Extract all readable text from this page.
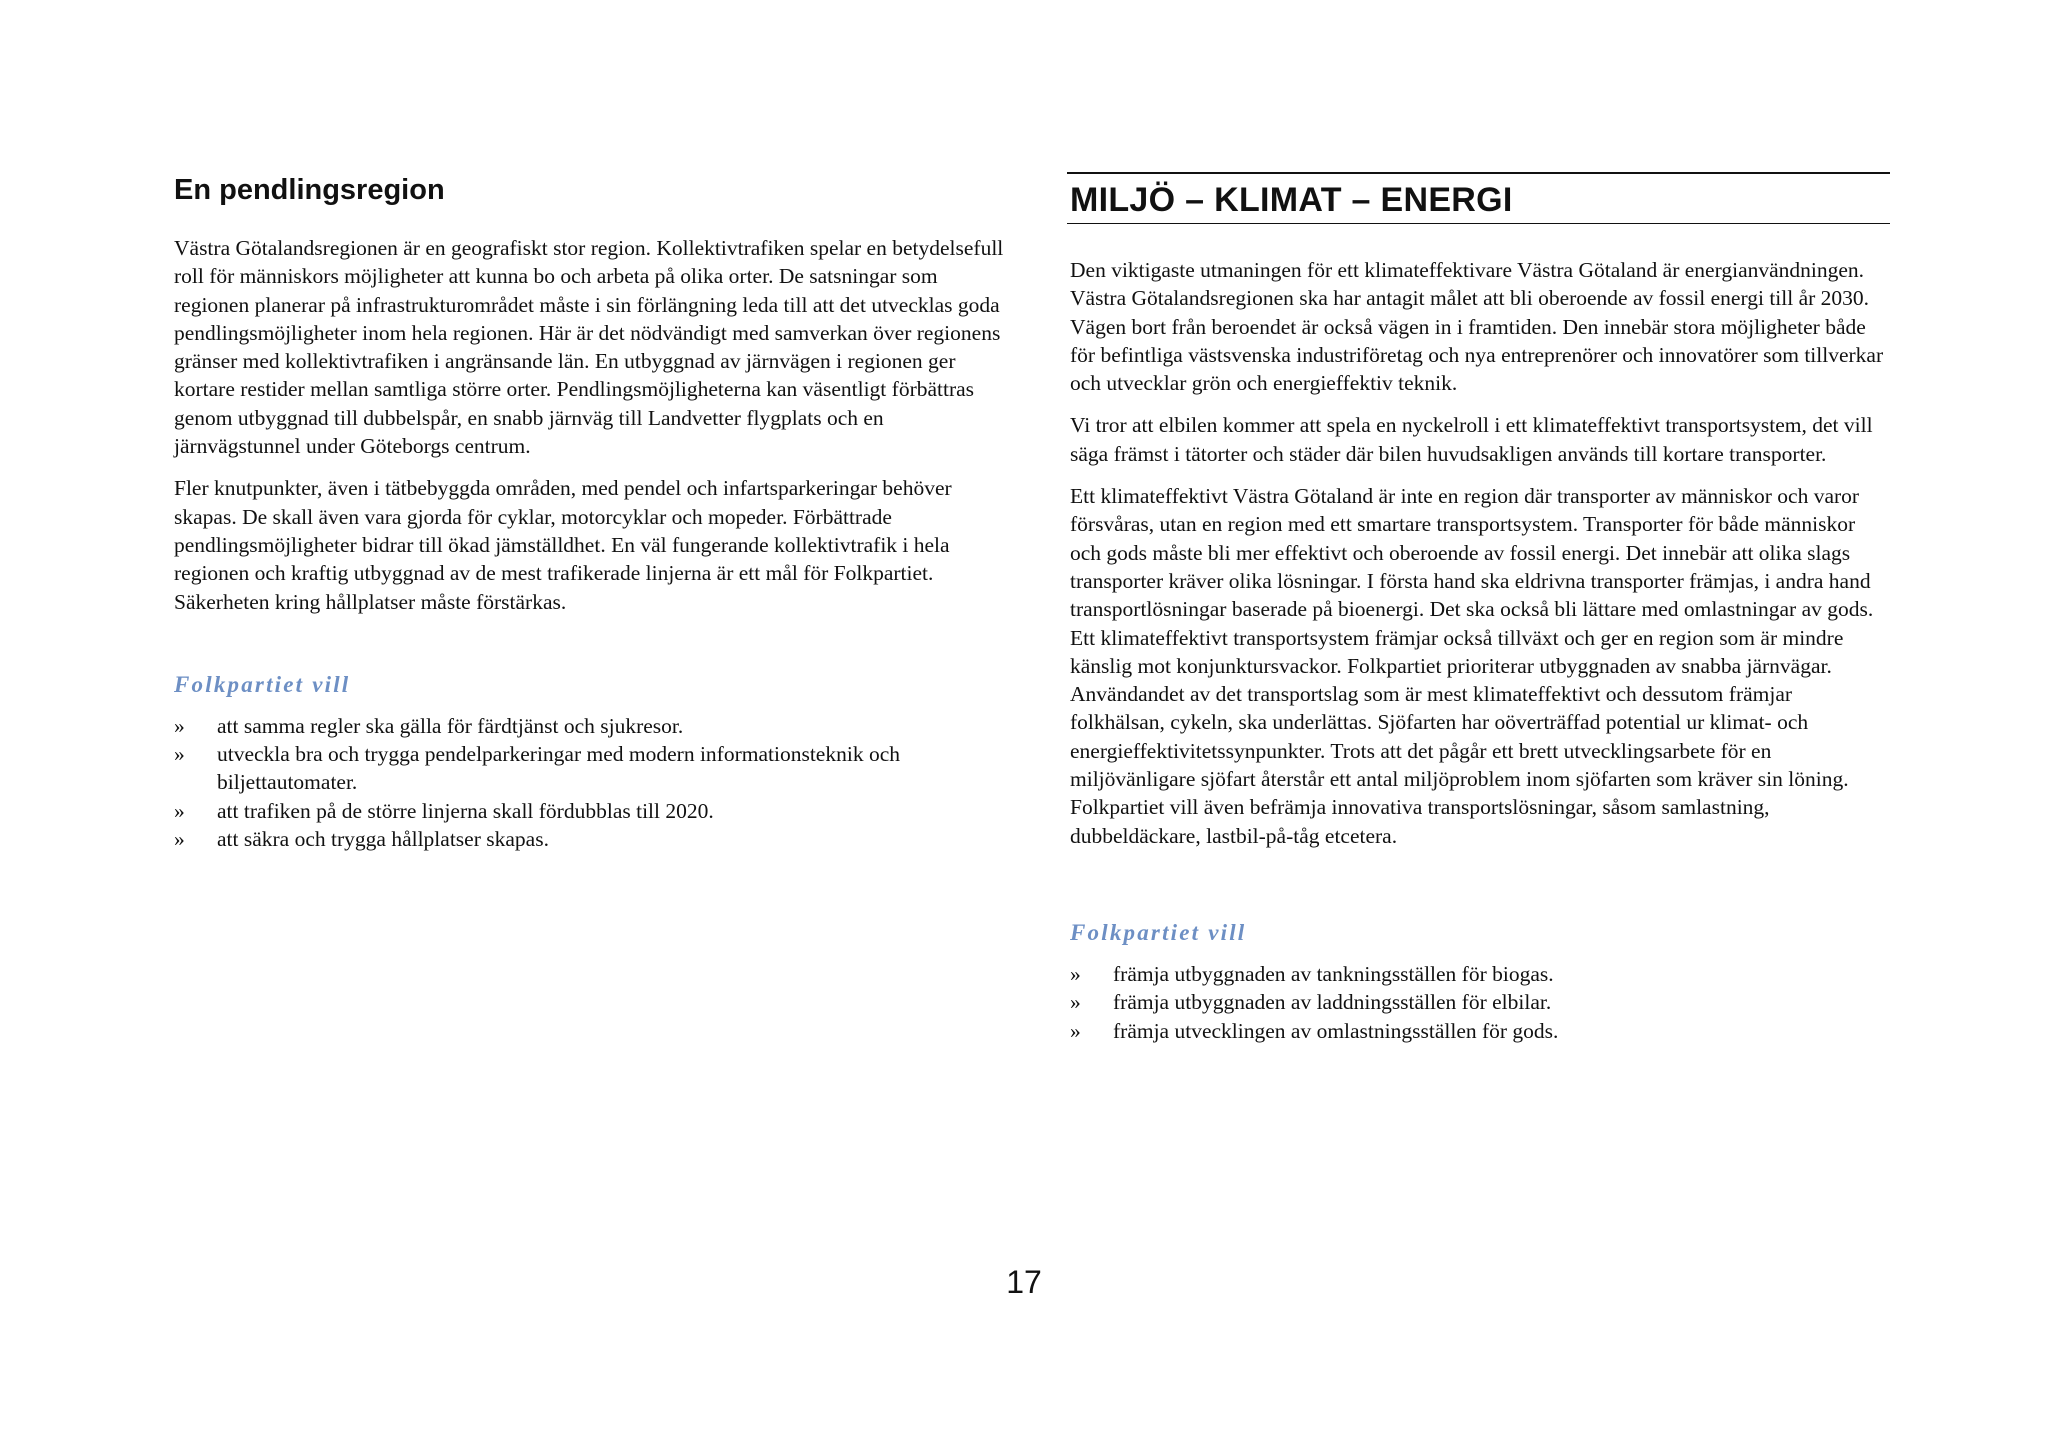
En pendlingsregion

Västra Götalandsregionen är en geografiskt stor region. Kollektivtrafiken spelar en betydelsefull roll för människors möjligheter att kunna bo och arbeta på olika orter. De satsningar som regionen planerar på infrastrukturområdet måste i sin förlängning leda till att det utvecklas goda pendlingsmöjligheter inom hela regionen. Här är det nödvändigt med samverkan över regionens gränser med kollektivtrafiken i angränsande län. En utbyggnad av järnvägen i regionen ger kortare restider mellan samtliga större orter. Pendlingsmöjligheterna kan väsentligt förbättras genom utbyggnad till dubbelspår, en snabb järnväg till Landvetter flygplats och en järnvägstunnel under Göteborgs centrum.

Fler knutpunkter, även i tätbebyggda områden, med pendel och infartsparkeringar behöver skapas. De skall även vara gjorda för cyklar, motorcyklar och mopeder. Förbättrade pendlingsmöjligheter bidrar till ökad jämställdhet. En väl fungerande kollektivtrafik i hela regionen och kraftig utbyggnad av de mest trafikerade linjerna är ett mål för Folkpartiet. Säkerheten kring hållplatser måste förstärkas.

Folkpartiet vill
» att samma regler ska gälla för färdtjänst och sjukresor.
» utveckla bra och trygga pendelparkeringar med modern informationsteknik och biljettautomater.
» att trafiken på de större linjerna skall fördubblas till 2020.
» att säkra och trygga hållplatser skapas.
MILJÖ – KLIMAT – ENERGI

Den viktigaste utmaningen för ett klimateffektivare Västra Götaland är energianvändningen. Västra Götalandsregionen ska har antagit målet att bli oberoende av fossil energi till år 2030. Vägen bort från beroendet är också vägen in i framtiden. Den innebär stora möjligheter både för befintliga västsvenska industriföretag och nya entreprenörer och innovatörer som tillverkar och utvecklar grön och energieffektiv teknik.

Vi tror att elbilen kommer att spela en nyckelroll i ett klimateffektivt transportsystem, det vill säga främst i tätorter och städer där bilen huvudsakligen används till kortare transporter.

Ett klimateffektivt Västra Götaland är inte en region där transporter av människor och varor försvåras, utan en region med ett smartare transportsystem. Transporter för både människor och gods måste bli mer effektivt och oberoende av fossil energi. Det innebär att olika slags transporter kräver olika lösningar. I första hand ska eldrivna transporter främjas, i andra hand transportlösningar baserade på bioenergi. Det ska också bli lättare med omlastningar av gods. Ett klimateffektivt transportsystem främjar också tillväxt och ger en region som är mindre känslig mot konjunktursvackor. Folkpartiet prioriterar utbyggnaden av snabba järnvägar. Användandet av det transportslag som är mest klimateffektivt och dessutom främjar folkhälsan, cykeln, ska underlättas. Sjöfarten har oöverträffad potential ur klimat- och energieffektivitetssynpunkter. Trots att det pågår ett brett utvecklingsarbete för en miljövänligare sjöfart återstår ett antal miljöproblem inom sjöfarten som kräver sin löning. Folkpartiet vill även befrämja innovativa transportslösningar, såsom samlastning, dubbeldäckare, lastbil-på-tåg etcetera.

Folkpartiet vill
» främja utbyggnaden av tankningsställen för biogas.
» främja utbyggnaden av laddningsställen för elbilar.
» främja utvecklingen av omlastningsställen för gods.
17
